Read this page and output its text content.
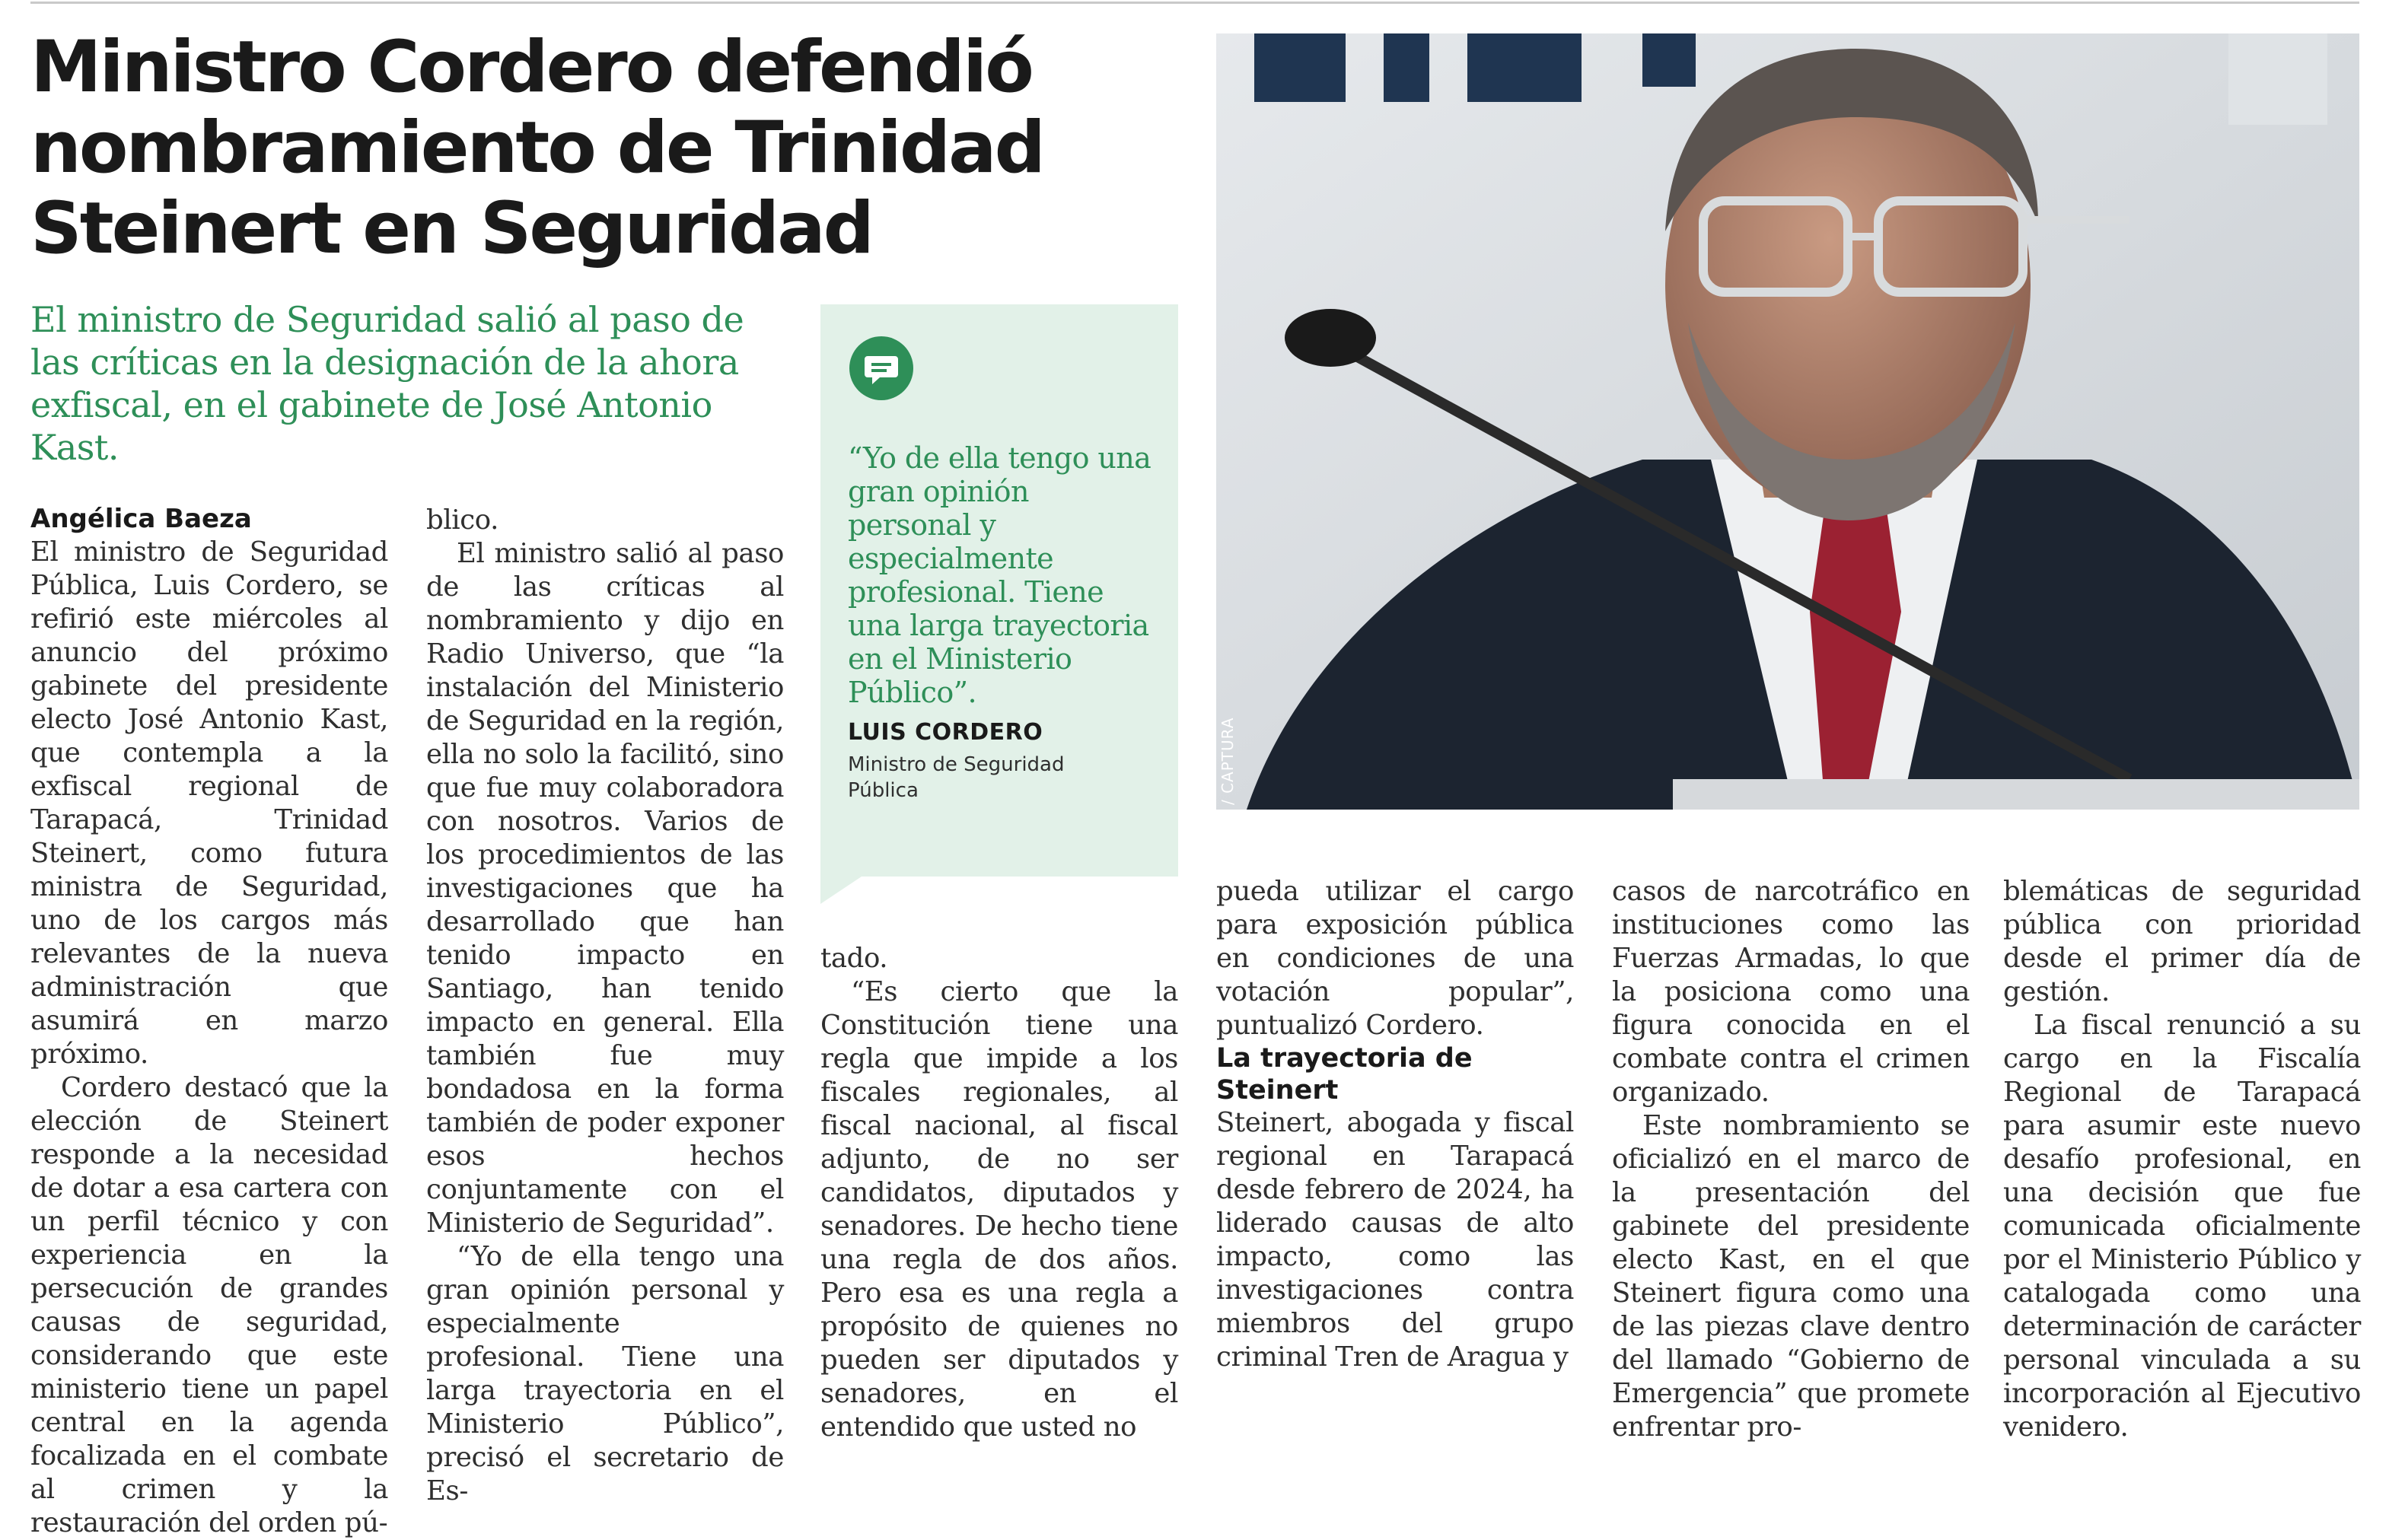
Ministro Cordero defendió nombramiento de Trinidad Steinert en Seguridad

El ministro de Seguridad salió al paso de las críticas en la designación de la ahora exfiscal, en el gabinete de José Antonio Kast.

Angélica Baeza

El ministro de Seguridad Pública, Luis Cordero, se refirió este miércoles al anuncio del próximo gabinete del presidente electo José Antonio Kast, que contempla a la exfiscal regional de Tarapacá, Trinidad Steinert, como futura ministra de Seguridad, uno de los cargos más relevantes de la nueva administración que asumirá en marzo próximo.

Cordero destacó que la elección de Steinert responde a la necesidad de dotar a esa cartera con un perfil técnico y con experiencia en la persecución de grandes causas de seguridad, considerando que este ministerio tiene un papel central en la agenda focalizada en el combate al crimen y la restauración del orden pú-

blico.

El ministro salió al paso de las críticas al nombramiento y dijo en Radio Universo, que “la instalación del Ministerio de Seguridad en la región, ella no solo la facilitó, sino que fue muy colaboradora con nosotros. Varios de los procedimientos de las investigaciones que ha desarrollado que han tenido impacto en Santiago, han tenido impacto en general. Ella también fue muy bondadosa en la forma también de poder exponer esos hechos conjuntamente con el Ministerio de Seguridad”.

“Yo de ella tengo una gran opinión personal y especialmente profesional. Tiene una larga trayectoria en el Ministerio Público”, precisó el secretario de Es-

“Yo de ella tengo una gran opinión personal y especialmente profesional. Tiene una larga trayectoria en el Ministerio Público”.

LUIS CORDERO

Ministro de Seguridad Pública

tado.

“Es cierto que la Constitución tiene una regla que impide a los fiscales regionales, al fiscal nacional, al fiscal adjunto, de no ser candidatos, diputados y senadores. De hecho tiene una regla de dos años. Pero esa es una regla a propósito de quienes no pueden ser diputados y senadores, en el entendido que usted no

/ CAPTURA

pueda utilizar el cargo para exposición pública en condiciones de una votación popular”, puntualizó Cordero.

La trayectoria de Steinert

Steinert, abogada y fiscal regional en Tarapacá desde febrero de 2024, ha liderado causas de alto impacto, como las investigaciones contra miembros del grupo criminal Tren de Aragua y

casos de narcotráfico en instituciones como las Fuerzas Armadas, lo que la posiciona como una figura conocida en el combate contra el crimen organizado.

Este nombramiento se oficializó en el marco de la presentación del gabinete del presidente electo Kast, en el que Steinert figura como una de las piezas clave dentro del llamado “Gobierno de Emergencia” que promete enfrentar pro-

blemáticas de seguridad pública con prioridad desde el primer día de gestión.

La fiscal renunció a su cargo en la Fiscalía Regional de Tarapacá para asumir este nuevo desafío profesional, en una decisión que fue comunicada oficialmente por el Ministerio Público y catalogada como una determinación de carácter personal vinculada a su incorporación al Ejecutivo venidero.
